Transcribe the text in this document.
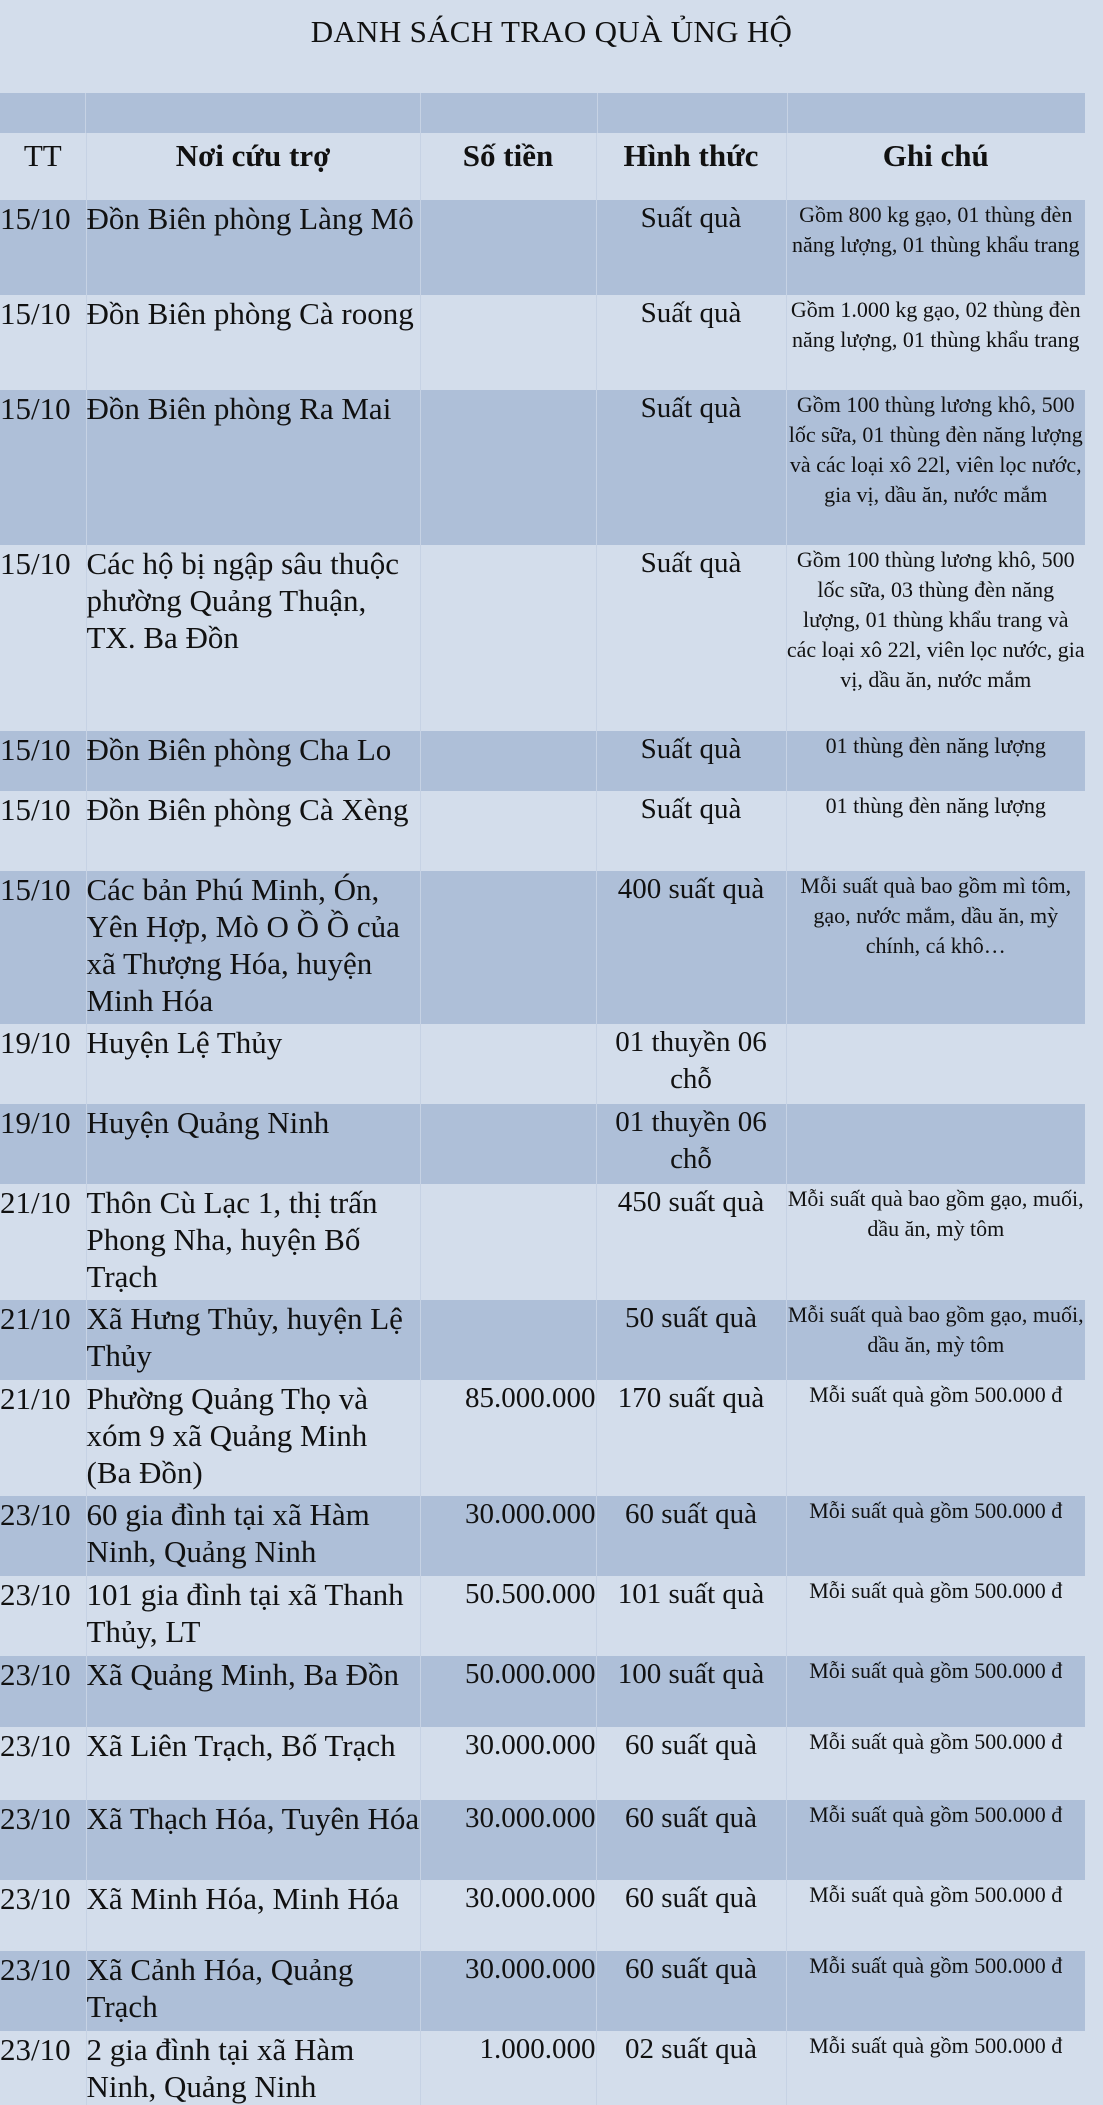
DANH SÁCH TRAO QUÀ ỦNG HỘ
TT	Nơi cứu trợ	Số tiền	Hình thức	Ghi chú
15/10	Đồn Biên phòng Làng Mô		Suất quà	Gồm 800 kg gạo, 01 thùng đèn năng lượng, 01 thùng khẩu trang
15/10	Đồn Biên phòng Cà roong		Suất quà	Gồm 1.000 kg gạo, 02 thùng đèn năng lượng, 01 thùng khẩu trang
15/10	Đồn Biên phòng Ra Mai		Suất quà	Gồm 100 thùng lương khô, 500 lốc sữa, 01 thùng đèn năng lượng và các loại xô 22l, viên lọc nước, gia vị, dầu ăn, nước mắm
15/10	Các hộ bị ngập sâu thuộc phường Quảng Thuận, TX. Ba Đồn		Suất quà	Gồm 100 thùng lương khô, 500 lốc sữa, 03 thùng đèn năng lượng, 01 thùng khẩu trang và các loại xô 22l, viên lọc nước, gia vị, dầu ăn, nước mắm
15/10	Đồn Biên phòng Cha Lo		Suất quà	01 thùng đèn năng lượng
15/10	Đồn Biên phòng Cà Xèng		Suất quà	01 thùng đèn năng lượng
15/10	Các bản Phú Minh, Ón, Yên Hợp, Mò O Ồ Ồ của xã Thượng Hóa, huyện Minh Hóa		400 suất quà	Mỗi suất quà bao gồm mì tôm, gạo, nước mắm, dầu ăn, mỳ chính, cá khô…
19/10	Huyện Lệ Thủy		01 thuyền 06 chỗ	
19/10	Huyện Quảng Ninh		01 thuyền 06 chỗ	
21/10	Thôn Cù Lạc 1, thị trấn Phong Nha, huyện Bố Trạch		450 suất quà	Mỗi suất quà bao gồm gạo, muối, dầu ăn, mỳ tôm
21/10	Xã Hưng Thủy, huyện Lệ Thủy		50 suất quà	Mỗi suất quà bao gồm gạo, muối, dầu ăn, mỳ tôm
21/10	Phường Quảng Thọ và xóm 9 xã Quảng Minh (Ba Đồn)	85.000.000	170 suất quà	Mỗi suất quà gồm 500.000 đ
23/10	60 gia đình tại xã Hàm Ninh, Quảng Ninh	30.000.000	60 suất quà	Mỗi suất quà gồm 500.000 đ
23/10	101 gia đình tại xã Thanh Thủy, LT	50.500.000	101 suất quà	Mỗi suất quà gồm 500.000 đ
23/10	Xã Quảng Minh, Ba Đồn	50.000.000	100 suất quà	Mỗi suất quà gồm 500.000 đ
23/10	Xã Liên Trạch, Bố Trạch	30.000.000	60 suất quà	Mỗi suất quà gồm 500.000 đ
23/10	Xã Thạch Hóa, Tuyên Hóa	30.000.000	60 suất quà	Mỗi suất quà gồm 500.000 đ
23/10	Xã Minh Hóa, Minh Hóa	30.000.000	60 suất quà	Mỗi suất quà gồm 500.000 đ
23/10	Xã Cảnh Hóa, Quảng Trạch	30.000.000	60 suất quà	Mỗi suất quà gồm 500.000 đ
23/10	2 gia đình tại xã Hàm Ninh, Quảng Ninh	1.000.000	02 suất quà	Mỗi suất quà gồm 500.000 đ
